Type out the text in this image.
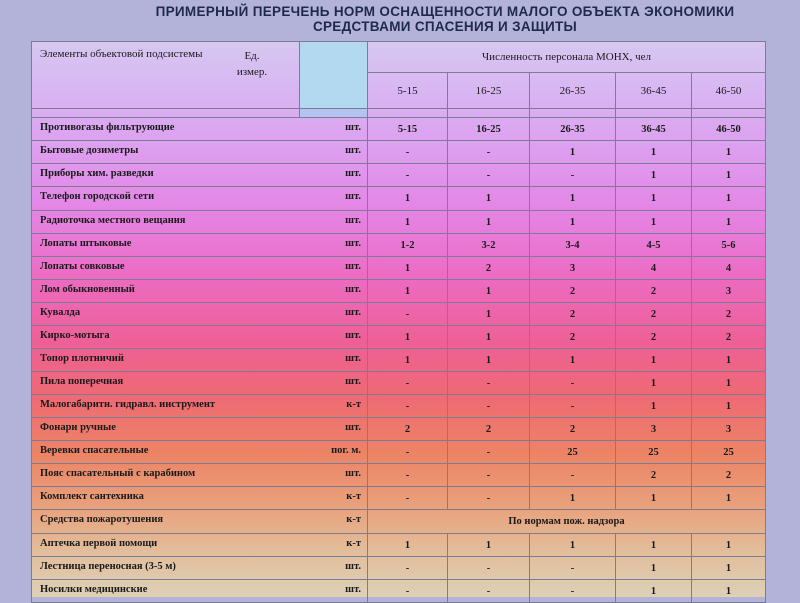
ПРИМЕРНЫЙ ПЕРЕЧЕНЬ НОРМ ОСНАЩЕННОСТИ МАЛОГО ОБЪЕКТА ЭКОНОМИКИ
СРЕДСТВАМИ СПАСЕНИЯ И ЗАЩИТЫ
Элементы объектовой подсистемы Ед.
измер.		Численность персонала МОНХ, чел				
		5-15	16-25	26-35	36-45	46-50

Противогазы фильтрующие шт.		5-15	16-25	26-35	36-45	46-50

Бытовые дозиметры шт.		-	-	1	1	1

Приборы хим. разведки шт.		-	-	-	1	1

Телефон городской сети шт.		1	1	1	1	1

Радиоточка местного вещания шт.		1	1	1	1	1

Лопаты штыковые шт.		1-2	3-2	3-4	4-5	5-6

Лопаты совковые шт.		1	2	3	4	4

Лом обыкновенный шт.		1	1	2	2	3

Кувалда шт.		-	1	2	2	2

Кирко-мотыга шт.		1	1	2	2	2

Топор плотничий шт.		1	1	1	1	1

Пила поперечная шт.		-	-	-	1	1

Малогабаритн. гидравл. инструмент к-т		-	-	-	1	1

Фонари ручные шт.		2	2	2	3	3

Веревки спасательные пог. м.		-	-	25	25	25

Пояс спасательный с карабином шт.		-	-	-	2	2

Комплект сантехника к-т		-	-	1	1	1

Средства пожаротушения к-т		По нормам пож. надзора				

Аптечка первой помощи к-т		1	1	1	1	1

Лестница переносная (3-5 м) шт.		-	-	-	1	1

Носилки медицинские шт.		-	-	-	1	1
